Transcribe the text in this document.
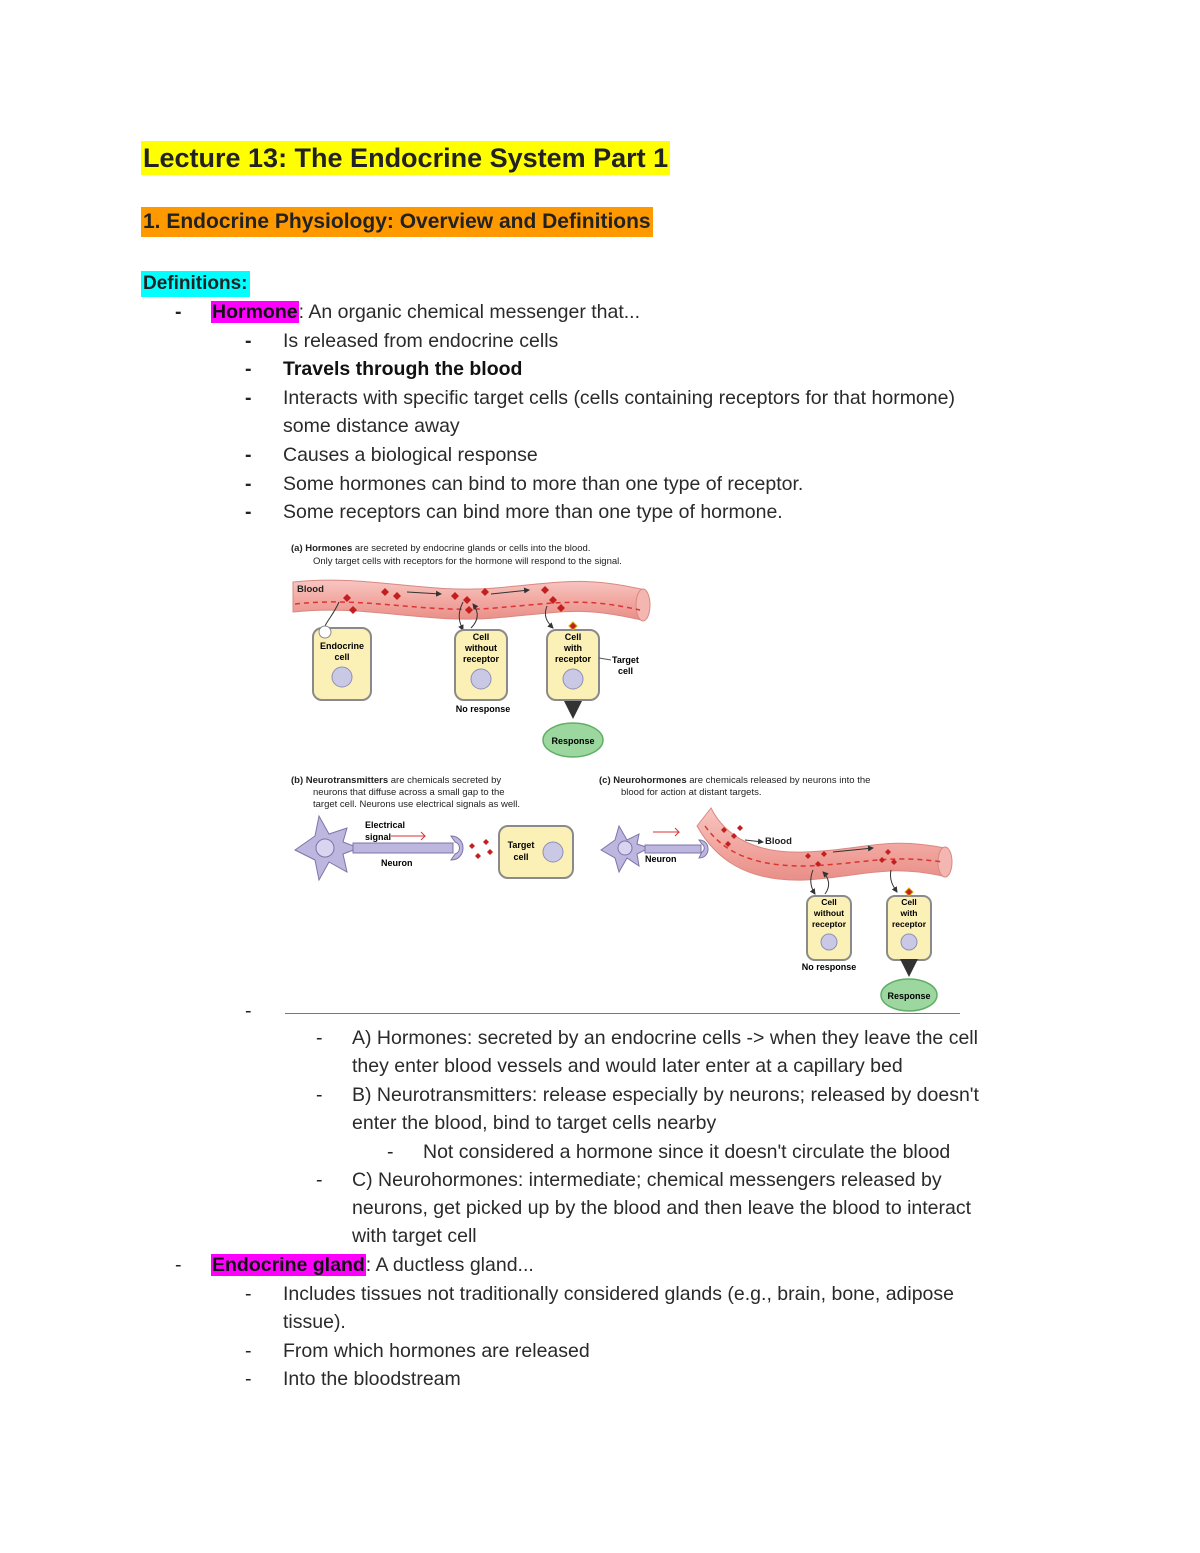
Lecture 13: The Endocrine System Part 1
1. Endocrine Physiology: Overview and Definitions
Definitions:
- Hormone: An organic chemical messenger that...
- Is released from endocrine cells
- Travels through the blood
- Interacts with specific target cells (cells containing receptors for that hormone)
some distance away
- Causes a biological response
- Some hormones can bind to more than one type of receptor.
- Some receptors can bind more than one type of hormone.
(a) Hormones are secreted by endocrine glands or cells into the blood.
Only target cells with receptors for the hormone will respond to the signal.
Blood
Endocrine
cell
Cell
without
receptor
No response
Cell
with
receptor Target
cell
Response
(b) Neurotransmitters are chemicals secreted by
neurons that diffuse across a small gap to the
target cell. Neurons use electrical signals as well.
Electrical
signal
Neuron
Target
cell
(c) Neurohormones are chemicals released by neurons into the
blood for action at distant targets.
Neuron
Blood
Cell
without
receptor
No response
Cell
with
receptor
Response
-
- A) Hormones: secreted by an endocrine cells -> when they leave the cell
they enter blood vessels and would later enter at a capillary bed
- B) Neurotransmitters: release especially by neurons; released by doesn't
enter the blood, bind to target cells nearby
- Not considered a hormone since it doesn't circulate the blood
- C) Neurohormones: intermediate; chemical messengers released by
neurons, get picked up by the blood and then leave the blood to interact
with target cell
- Endocrine gland: A ductless gland...
- Includes tissues not traditionally considered glands (e.g., brain, bone, adipose
tissue).
- From which hormones are released
- Into the bloodstream
